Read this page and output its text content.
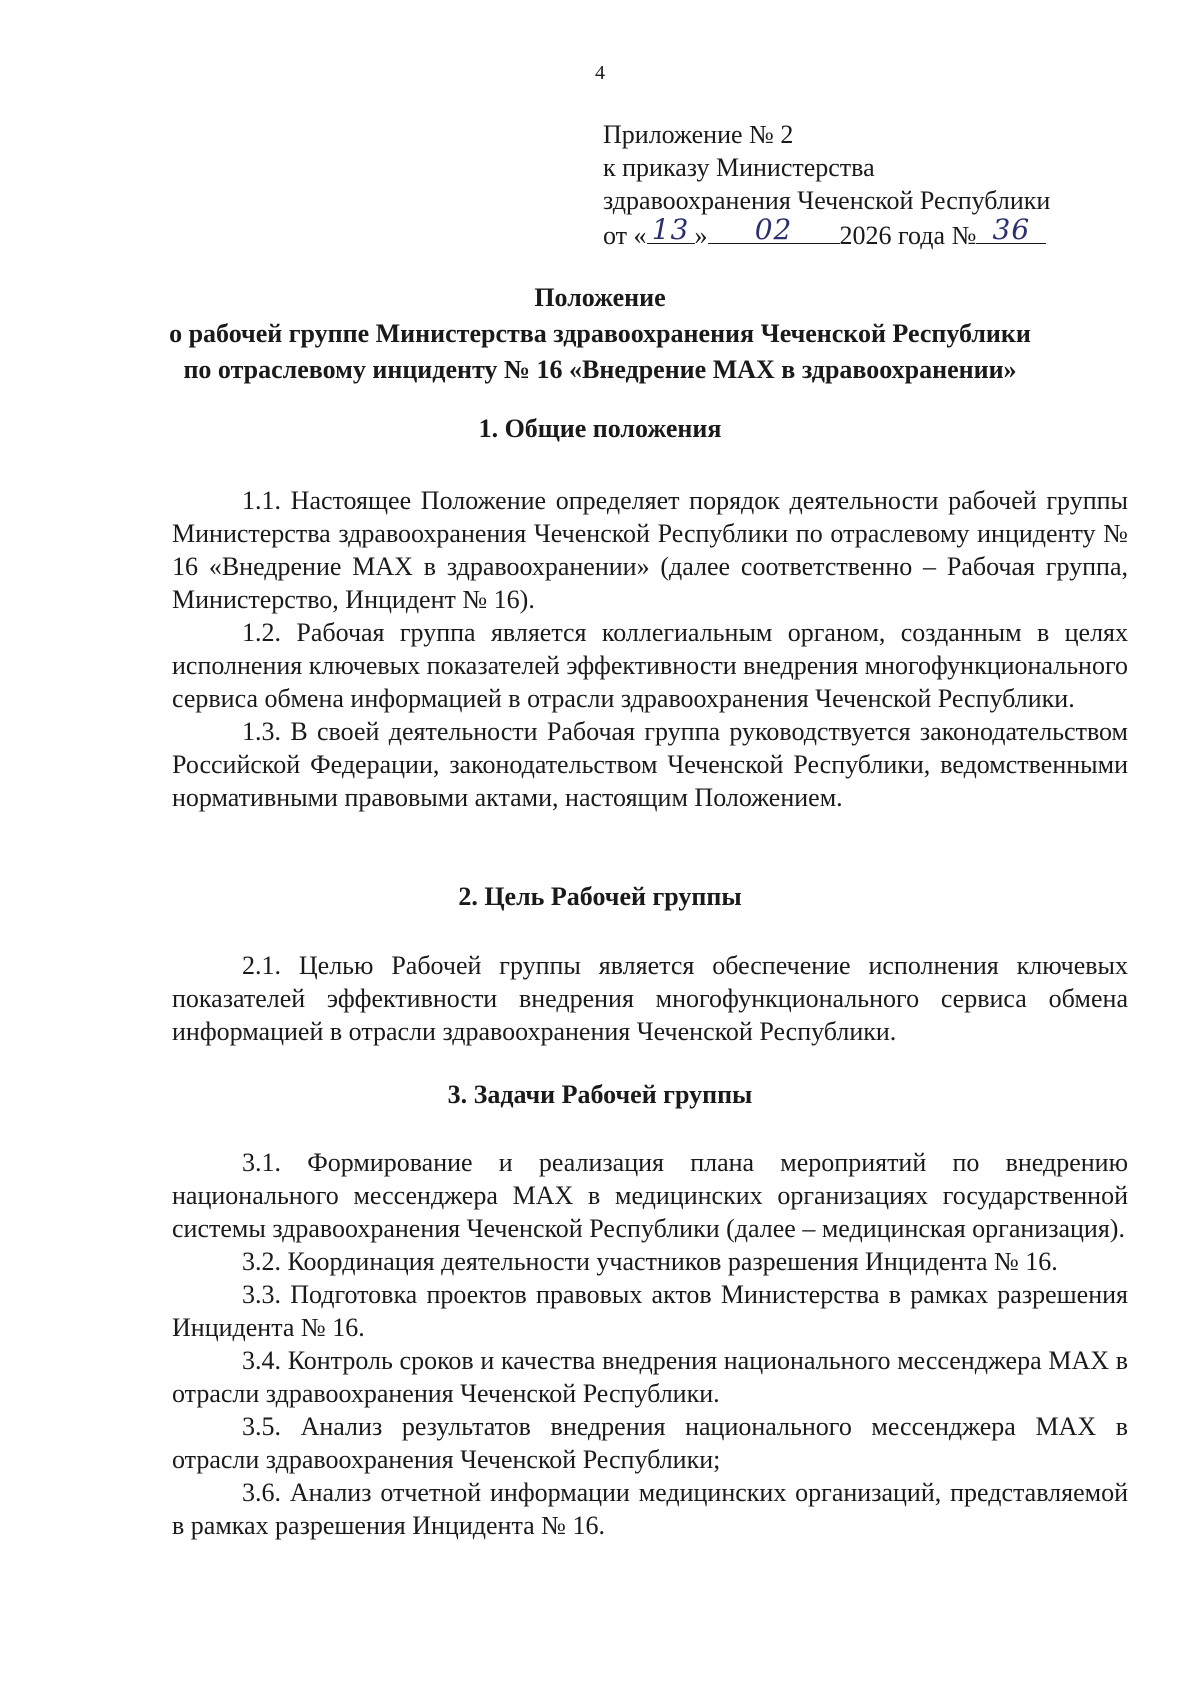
4
Приложение № 2
к приказу Министерства
здравоохранения Чеченской Республики
от « 13 »	02	2026 года № 36
Положение
о рабочей группе Министерства здравоохранения Чеченской Республики
по отраслевому инциденту № 16 «Внедрение MAX в здравоохранении»
1. Общие положения

1.1. Настоящее Положение определяет порядок деятельности рабочей группы Министерства здравоохранения Чеченской Республики по отраслевому инциденту № 16 «Внедрение MAX в здравоохранении» (далее соответственно – Рабочая группа, Министерство, Инцидент № 16).

1.2. Рабочая группа является коллегиальным органом, созданным в целях исполнения ключевых показателей эффективности внедрения многофункционального сервиса обмена информацией в отрасли здравоохранения Чеченской Республики.

1.3. В своей деятельности Рабочая группа руководствуется законодательством Российской Федерации, законодательством Чеченской Республики, ведомственными нормативными правовыми актами, настоящим Положением.

2. Цель Рабочей группы

2.1. Целью Рабочей группы является обеспечение исполнения ключевых показателей эффективности внедрения многофункционального сервиса обмена информацией в отрасли здравоохранения Чеченской Республики.

3. Задачи Рабочей группы

3.1. Формирование и реализация плана мероприятий по внедрению национального мессенджера MAX в медицинских организациях государственной системы здравоохранения Чеченской Республики (далее – медицинская организация).

3.2. Координация деятельности участников разрешения Инцидента № 16.

3.3. Подготовка проектов правовых актов Министерства в рамках разрешения Инцидента № 16.

3.4. Контроль сроков и качества внедрения национального мессенджера MAX в отрасли здравоохранения Чеченской Республики.

3.5. Анализ результатов внедрения национального мессенджера MAX в отрасли здравоохранения Чеченской Республики;

3.6. Анализ отчетной информации медицинских организаций, представляемой в рамках разрешения Инцидента № 16.
